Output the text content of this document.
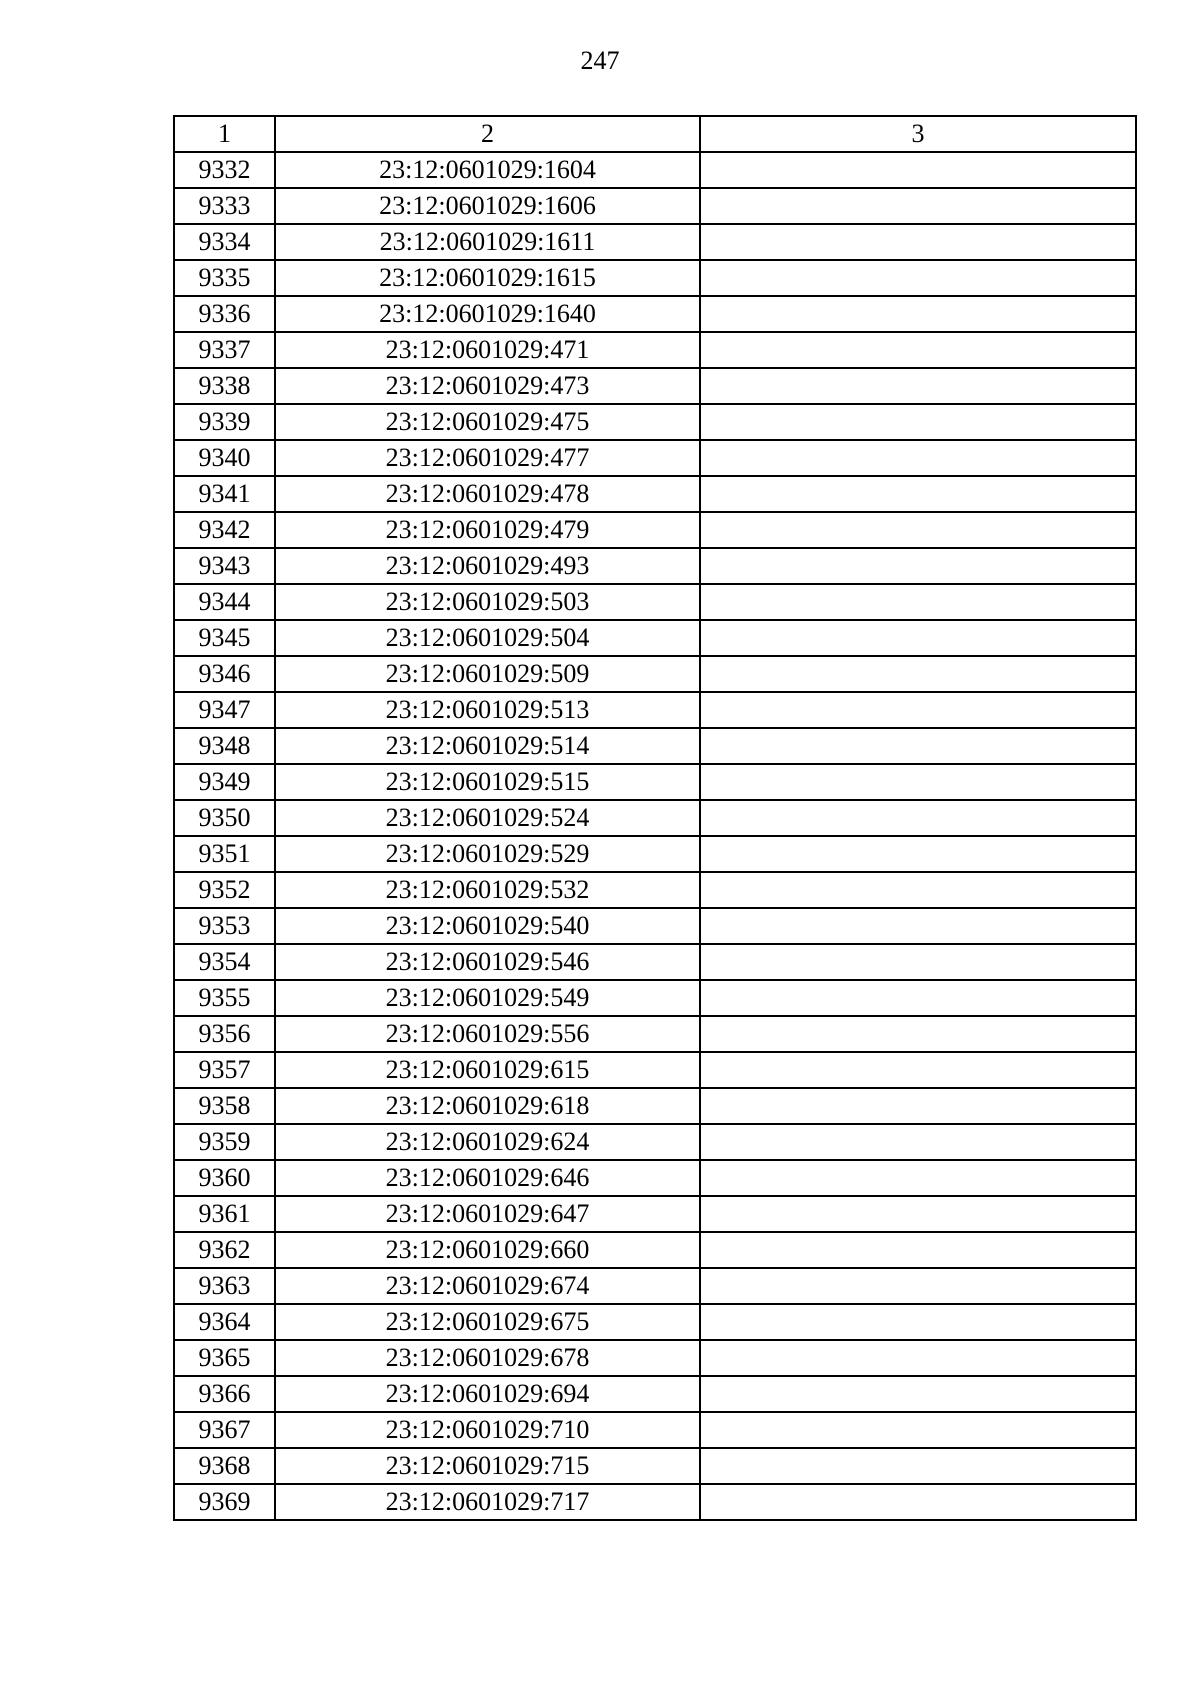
247
1	2	3
9332	23:12:0601029:1604	
9333	23:12:0601029:1606	
9334	23:12:0601029:1611	
9335	23:12:0601029:1615	
9336	23:12:0601029:1640	
9337	23:12:0601029:471	
9338	23:12:0601029:473	
9339	23:12:0601029:475	
9340	23:12:0601029:477	
9341	23:12:0601029:478	
9342	23:12:0601029:479	
9343	23:12:0601029:493	
9344	23:12:0601029:503	
9345	23:12:0601029:504	
9346	23:12:0601029:509	
9347	23:12:0601029:513	
9348	23:12:0601029:514	
9349	23:12:0601029:515	
9350	23:12:0601029:524	
9351	23:12:0601029:529	
9352	23:12:0601029:532	
9353	23:12:0601029:540	
9354	23:12:0601029:546	
9355	23:12:0601029:549	
9356	23:12:0601029:556	
9357	23:12:0601029:615	
9358	23:12:0601029:618	
9359	23:12:0601029:624	
9360	23:12:0601029:646	
9361	23:12:0601029:647	
9362	23:12:0601029:660	
9363	23:12:0601029:674	
9364	23:12:0601029:675	
9365	23:12:0601029:678	
9366	23:12:0601029:694	
9367	23:12:0601029:710	
9368	23:12:0601029:715	
9369	23:12:0601029:717	
